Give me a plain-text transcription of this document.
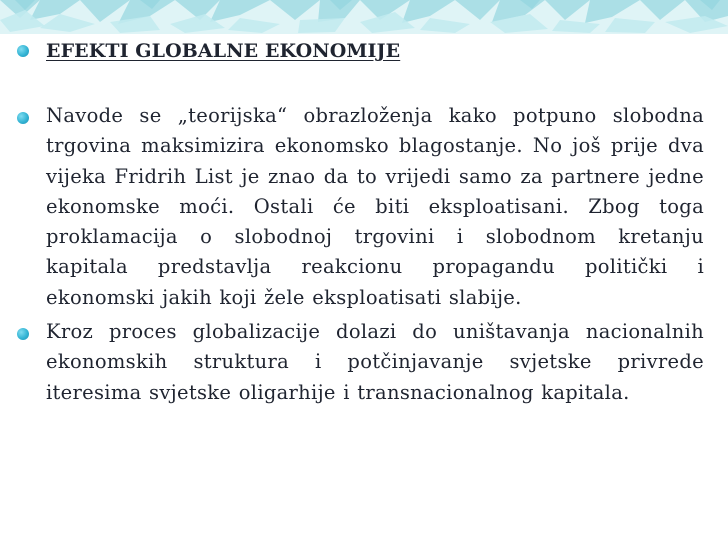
EFEKTI GLOBALNE EKONOMIJE
Navode se „teorijska“ obrazloženja kako potpuno slobodna trgovina maksimizira ekonomsko blagostanje. No još prije dva vijeka Fridrih List je znao da to vrijedi samo za partnere jedne ekonomske moći. Ostali će biti eksploatisani. Zbog toga proklamacija o slobodnoj trgovini i slobodnom kretanju kapitala predstavlja reakcionu propagandu politički i ekonomski jakih koji žele eksploatisati slabije.
Kroz proces globalizacije dolazi do uništavanja nacionalnih ekonomskih struktura i potčinjavanje svjetske privrede iteresima svjetske oligarhije i transnacionalnog kapitala.
